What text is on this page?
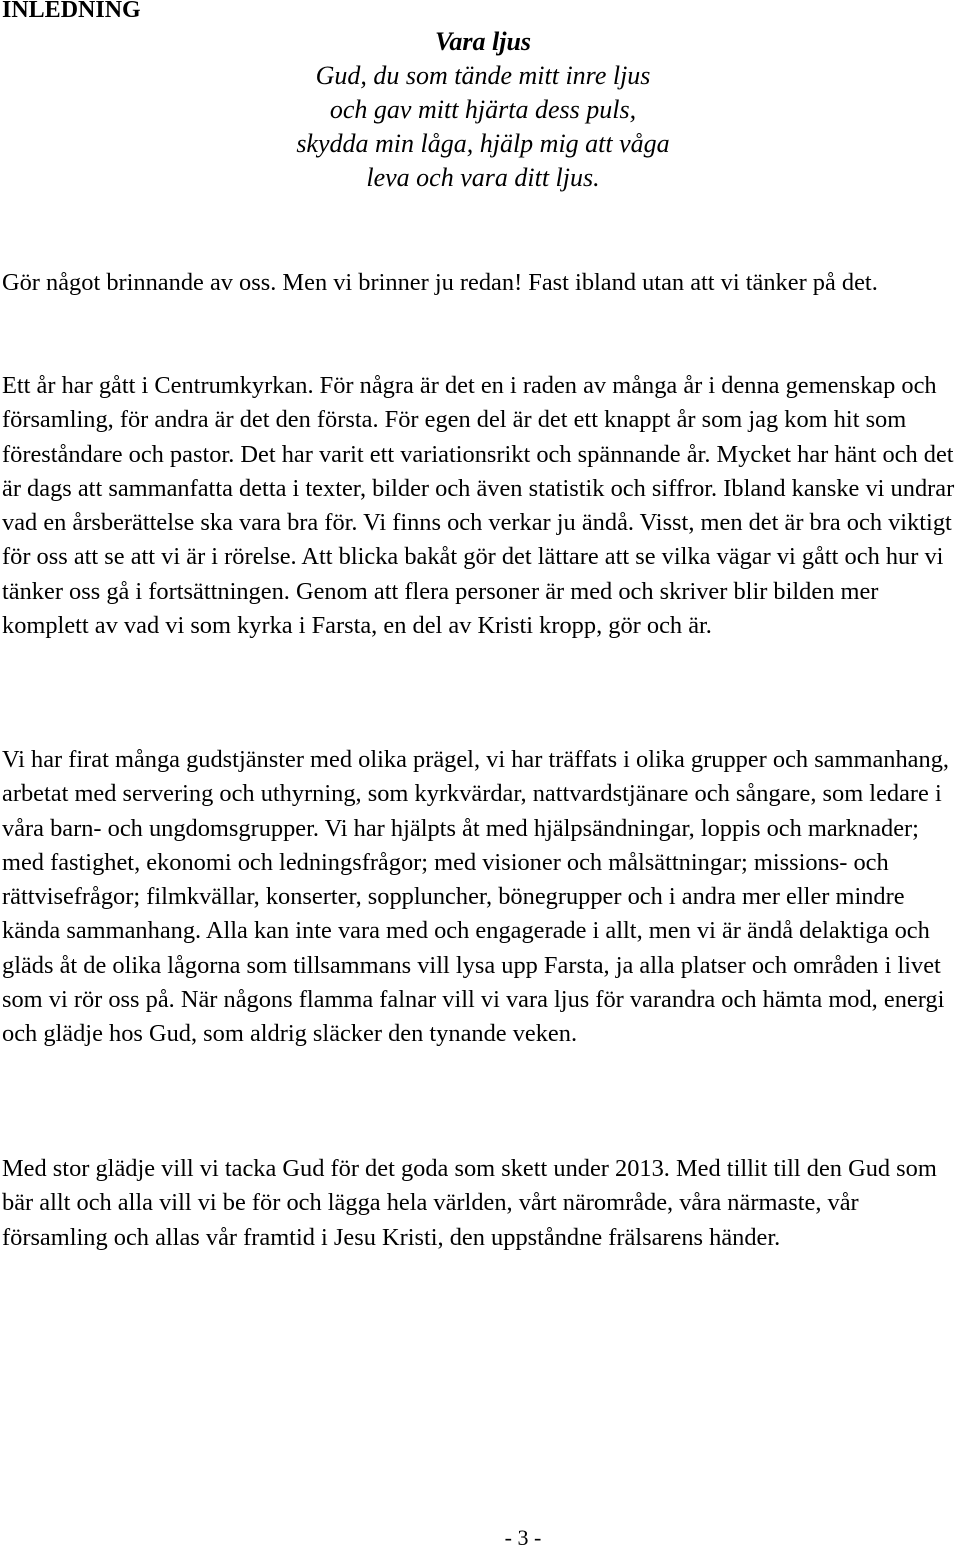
INLEDNING
Vara ljus
Gud, du som tände mitt inre ljus
och gav mitt hjärta dess puls,
skydda min låga, hjälp mig att våga
leva och vara ditt ljus.

Gör något brinnande av oss. Men vi brinner ju redan! Fast ibland utan att vi tänker på det.

Ett år har gått i Centrumkyrkan. För några är det en i raden av många år i denna gemenskap och församling, för andra är det den första. För egen del är det ett knappt år som jag kom hit som föreståndare och pastor. Det har varit ett variationsrikt och spännande år. Mycket har hänt och det är dags att sammanfatta detta i texter, bilder och även statistik och siffror. Ibland kanske vi undrar vad en årsberättelse ska vara bra för. Vi finns och verkar ju ändå. Visst, men det är bra och viktigt för oss att se att vi är i rörelse. Att blicka bakåt gör det lättare att se vilka vägar vi gått och hur vi tänker oss gå i fortsättningen. Genom att flera personer är med och skriver blir bilden mer komplett av vad vi som kyrka i Farsta, en del av Kristi kropp, gör och är.

Vi har firat många gudstjänster med olika prägel, vi har träffats i olika grupper och sammanhang, arbetat med servering och uthyrning, som kyrkvärdar, nattvardstjänare och sångare, som ledare i våra barn- och ungdomsgrupper. Vi har hjälpts åt med hjälpsändningar, loppis och marknader; med fastighet, ekonomi och ledningsfrågor; med visioner och målsättningar; missions- och rättvisefrågor; filmkvällar, konserter, soppluncher, bönegrupper och i andra mer eller mindre kända sammanhang. Alla kan inte vara med och engagerade i allt, men vi är ändå delaktiga och gläds åt de olika lågorna som tillsammans vill lysa upp Farsta, ja alla platser och områden i livet som vi rör oss på. När någons flamma falnar vill vi vara ljus för varandra och hämta mod, energi och glädje hos Gud, som aldrig släcker den tynande veken.

Med stor glädje vill vi tacka Gud för det goda som skett under 2013. Med tillit till den Gud som bär allt och alla vill vi be för och lägga hela världen, vårt närområde, våra närmaste, vår församling och allas vår framtid i Jesu Kristi, den uppståndne frälsarens händer.

- 3 -
